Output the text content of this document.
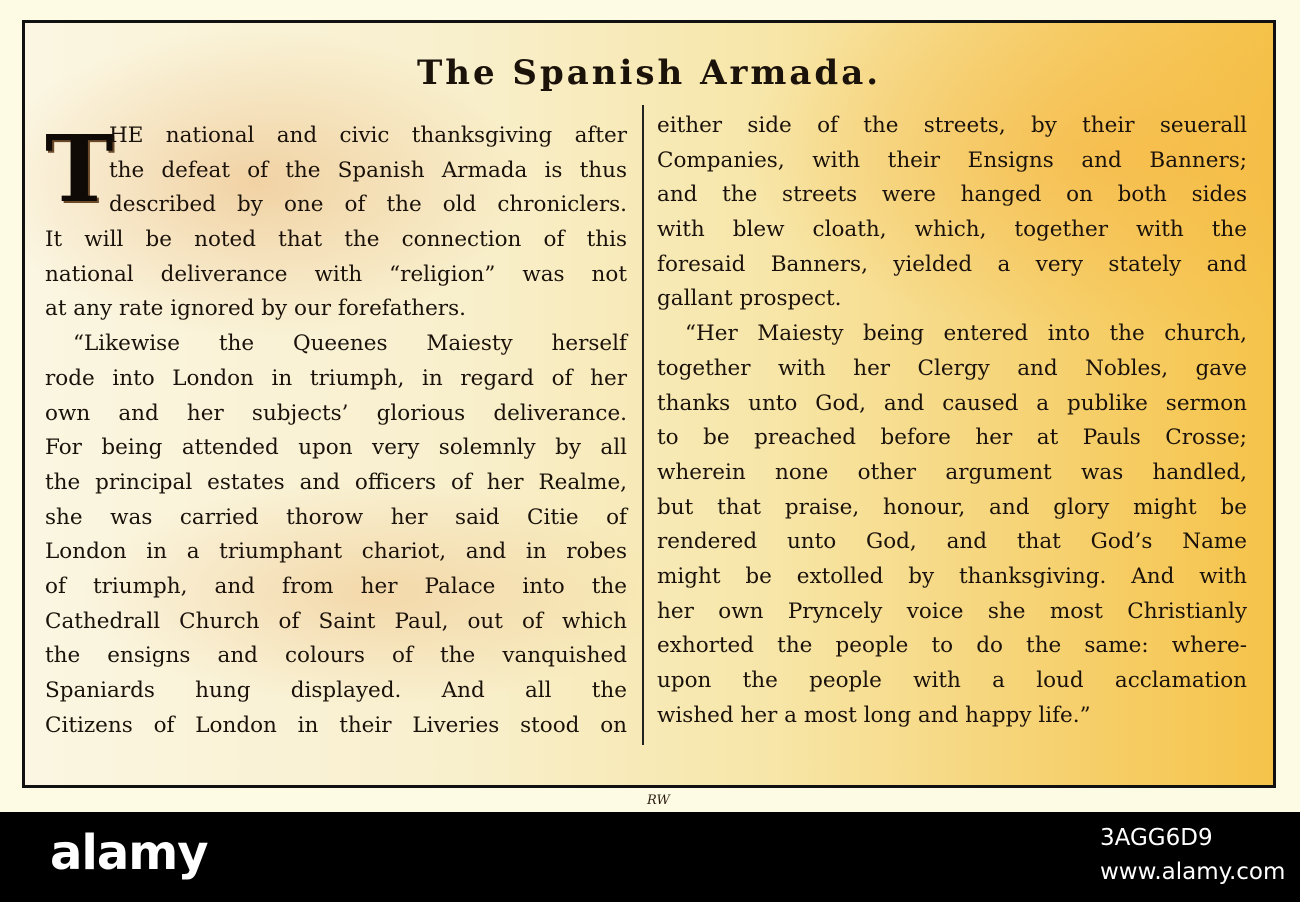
The Spanish Armada.
T
HE national and civic thanksgiving after
the defeat of the Spanish Armada is thus
described by one of the old chroniclers.
It will be noted that the connection of this
national deliverance with “religion” was not
at any rate ignored by our forefathers.
“Likewise the Queenes Maiesty herself
rode into London in triumph, in regard of her
own and her subjects’ glorious deliverance.
For being attended upon very solemnly by all
the principal estates and officers of her Realme,
she was carried thorow her said Citie of
London in a triumphant chariot, and in robes
of triumph, and from her Palace into the
Cathedrall Church of Saint Paul, out of which
the ensigns and colours of the vanquished
Spaniards hung displayed. And all the
Citizens of London in their Liveries stood on
either side of the streets, by their seuerall
Companies, with their Ensigns and Banners;
and the streets were hanged on both sides
with blew cloath, which, together with the
foresaid Banners, yielded a very stately and
gallant prospect.
“Her Maiesty being entered into the church,
together with her Clergy and Nobles, gave
thanks unto God, and caused a publike sermon
to be preached before her at Pauls Crosse;
wherein none other argument was handled,
but that praise, honour, and glory might be
rendered unto God, and that God’s Name
might be extolled by thanksgiving. And with
her own Pryncely voice she most Christianly
exhorted the people to do the same: where-
upon the people with a loud acclamation
wished her a most long and happy life.”
RW
alamy	3AGG6D9
www.alamy.com
